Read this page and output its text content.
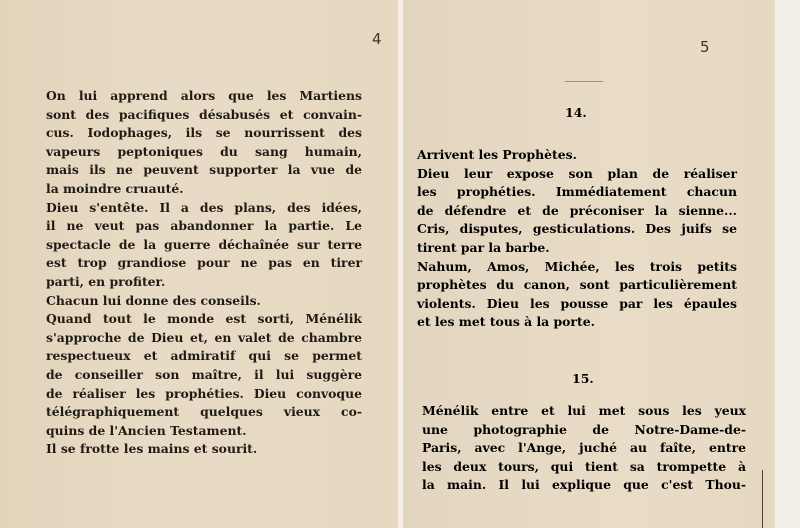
4
On lui apprend alors que les Martiens
sont des pacifiques désabusés et convain-
cus. Iodophages, ils se nourrissent des
vapeurs peptoniques du sang humain,
mais ils ne peuvent supporter la vue de
la moindre cruauté.
Dieu s'entête. Il a des plans, des idées,
il ne veut pas abandonner la partie. Le
spectacle de la guerre déchaînée sur terre
est trop grandiose pour ne pas en tirer
parti, en profiter.
Chacun lui donne des conseils.
Quand tout le monde est sorti, Ménélik
s'approche de Dieu et, en valet de chambre
respectueux et admiratif qui se permet
de conseiller son maître, il lui suggère
de réaliser les prophéties. Dieu convoque
télégraphiquement quelques vieux co-
quins de l'Ancien Testament.
Il se frotte les mains et sourit.
5
14.
Arrivent les Prophètes.
Dieu leur expose son plan de réaliser
les prophéties. Immédiatement chacun
de défendre et de préconiser la sienne...
Cris, disputes, gesticulations. Des juifs se
tirent par la barbe.
Nahum, Amos, Michée, les trois petits
prophètes du canon, sont particulièrement
violents. Dieu les pousse par les épaules
et les met tous à la porte.
15.
Ménélik entre et lui met sous les yeux
une photographie de Notre-Dame-de-
Paris, avec l'Ange, juché au faîte, entre
les deux tours, qui tient sa trompette à
la main. Il lui explique que c'est Thou-
